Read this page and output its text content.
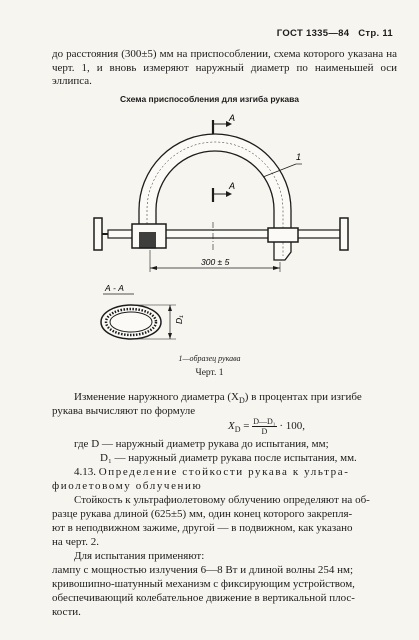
ГОСТ 1335—84 Стр. 11
до расстояния (300±5) мм на приспособлении, схема которого указана на черт. 1, и вновь измеряют наружный диаметр по наименьшей оси эллипса.
Схема приспособления для изгиба рукава
А
А
1
300 ± 5
А - А
D₁
1—образец рукава
Черт. 1
Изменение наружного диаметра $(X_D)$ в процентах при изгибе
рукава вычисляют по формуле
$X_D = \frac{\text{D—D₁}}{D} \cdot 100$,
где D — наружный диаметр рукава до испытания, мм;
D₁ — наружный диаметр рукава после испытания, мм.
4.13. Определение стойкости рукава к ультра-
фиолетовому облучению
Стойкость к ультрафиолетовому облучению определяют на об-
разце рукава длиной (625±5) мм, один конец которого закрепля-
ют в неподвижном зажиме, другой — в подвижном, как указано
на черт. 2.
Для испытания применяют:
лампу с мощностью излучения 6—8 Вт и длиной волны 254 нм;
кривошипно-шатунный механизм с фиксирующим устройством,
обеспечивающий колебательное движение в вертикальной плос-
кости.
